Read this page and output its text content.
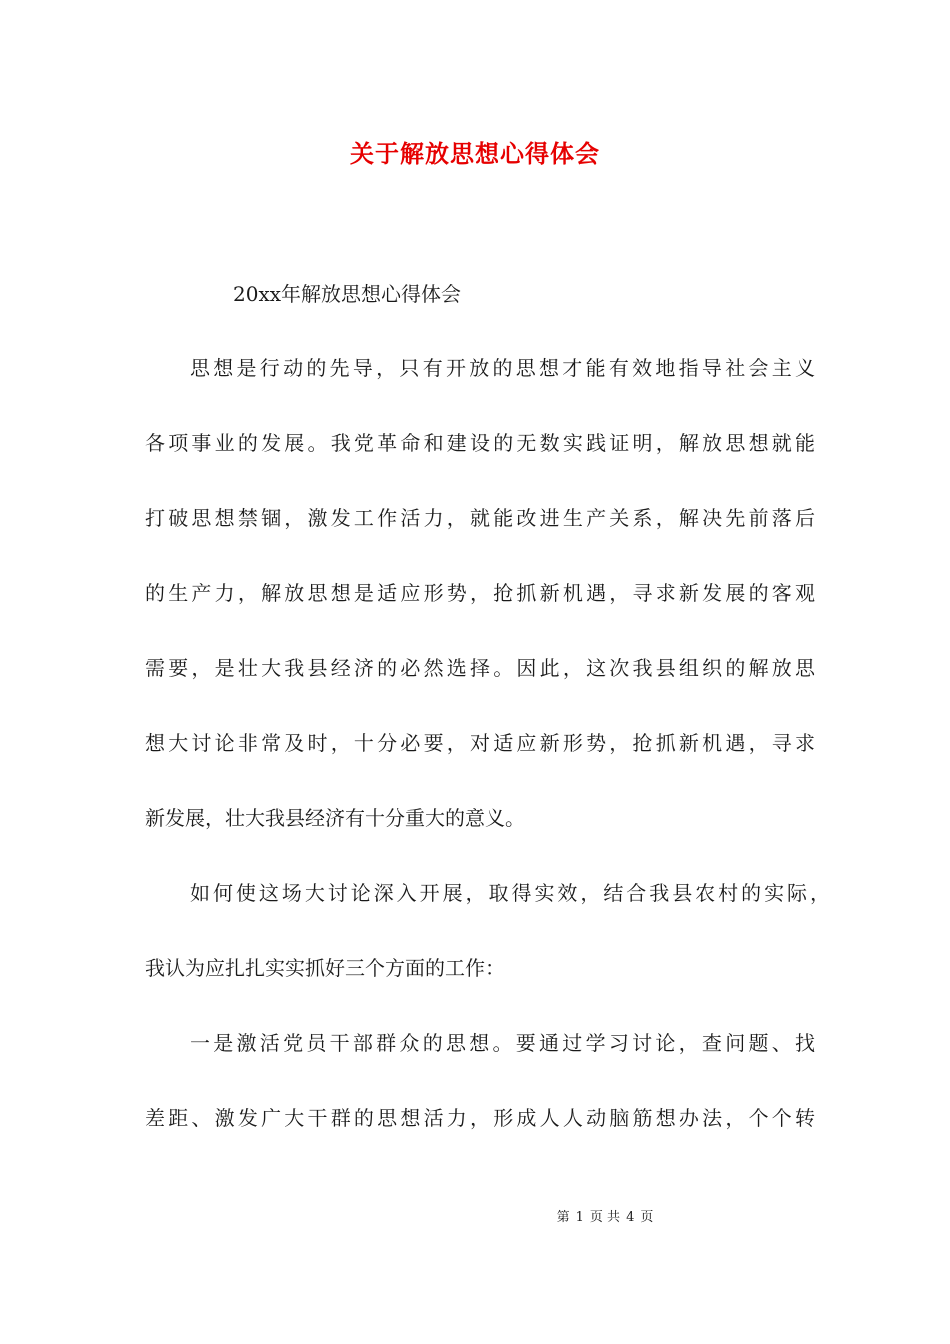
关于解放思想心得体会
20xx年解放思想心得体会
思想是行动的先导，只有开放的思想才能有效地指导社会主义
各项事业的发展。我党革命和建设的无数实践证明，解放思想就能
打破思想禁锢，激发工作活力，就能改进生产关系，解决先前落后
的生产力，解放思想是适应形势，抢抓新机遇，寻求新发展的客观
需要，是壮大我县经济的必然选择。因此，这次我县组织的解放思
想大讨论非常及时，十分必要，对适应新形势，抢抓新机遇，寻求
新发展，壮大我县经济有十分重大的意义。
如何使这场大讨论深入开展，取得实效，结合我县农村的实际，
我认为应扎扎实实抓好三个方面的工作：
一是激活党员干部群众的思想。要通过学习讨论，查问题、找
差距、激发广大干群的思想活力，形成人人动脑筋想办法，个个转
第 1 页 共 4 页
